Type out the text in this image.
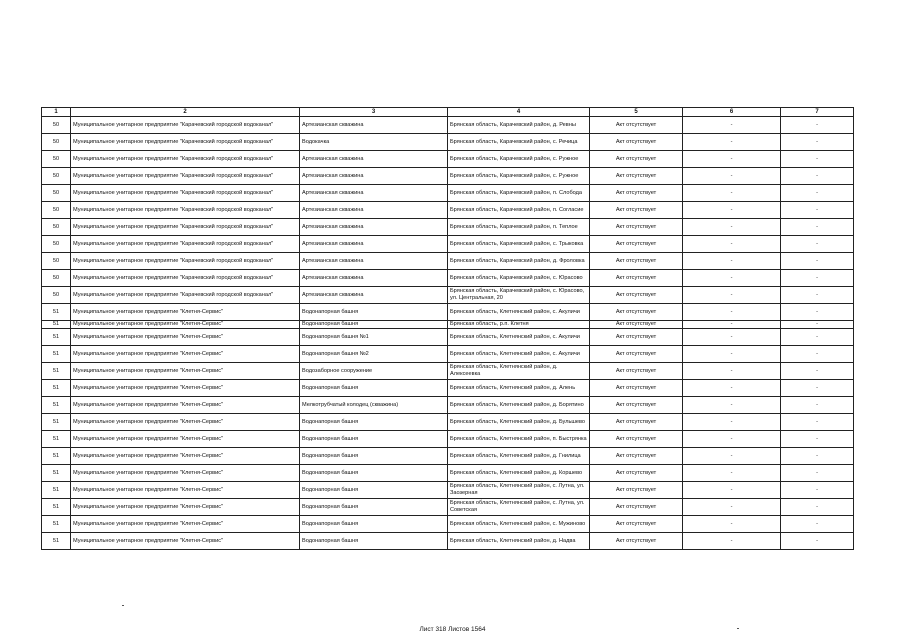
1	2	3	4	5	6	7
50	Муниципальное унитарное предприятие "Карачевский городской водоканал"	Артезианская скважина	Брянская область, Карачевский район, д. Ревны	Акт отсутствует	-	-
50	Муниципальное унитарное предприятие "Карачевский городской водоканал"	Водокачка	Брянская область, Карачевский район, с. Речица	Акт отсутствует	-	-
50	Муниципальное унитарное предприятие "Карачевский городской водоканал"	Артезианская скважина	Брянская область, Карачевский район, с. Ружное	Акт отсутствует	-	-
50	Муниципальное унитарное предприятие "Карачевский городской водоканал"	Артезианская скважина	Брянская область, Карачевский район, с. Ружное	Акт отсутствует	-	-
50	Муниципальное унитарное предприятие "Карачевский городской водоканал"	Артезианская скважина	Брянская область, Карачевский район, п. Слобода	Акт отсутствует	-	-
50	Муниципальное унитарное предприятие "Карачевский городской водоканал"	Артезианская скважина	Брянская область, Карачевский район, п. Согласие	Акт отсутствует	-	-
50	Муниципальное унитарное предприятие "Карачевский городской водоканал"	Артезианская скважина	Брянская область, Карачевский район, п. Теплое	Акт отсутствует	-	-
50	Муниципальное унитарное предприятие "Карачевский городской водоканал"	Артезианская скважина	Брянская область, Карачевский район, с. Трыковка	Акт отсутствует	-	-
50	Муниципальное унитарное предприятие "Карачевский городской водоканал"	Артезианская скважина	Брянская область, Карачевский район, д. Фроловка	Акт отсутствует	-	-
50	Муниципальное унитарное предприятие "Карачевский городской водоканал"	Артезианская скважина	Брянская область, Карачевский район, с. Юрасово	Акт отсутствует	-	-
50	Муниципальное унитарное предприятие "Карачевский городской водоканал"	Артезианская скважина	Брянская область, Карачевский район, с. Юрасово, ул. Центральная, 20	Акт отсутствует	-	-
51	Муниципальное унитарное предприятие "Клетня-Сервис"	Водонапорная башня	Брянская область, Клетнянский район, с. Акуличи	Акт отсутствует	-	-
51	Муниципальное унитарное предприятие "Клетня-Сервис"	Водонапорная башня	Брянская область, р.п. Клетня	Акт отсутствует	-	-
51	Муниципальное унитарное предприятие "Клетня-Сервис"	Водонапорная башня №1	Брянская область, Клетнянский район, с. Акуличи	Акт отсутствует	-	-
51	Муниципальное унитарное предприятие "Клетня-Сервис"	Водонапорная башня №2	Брянская область, Клетнянский район, с. Акуличи	Акт отсутствует	-	-
51	Муниципальное унитарное предприятие "Клетня-Сервис"	Водозаборное сооружение	Брянская область, Клетнянский район, д. Алексеевка	Акт отсутствует	-	-
51	Муниципальное унитарное предприятие "Клетня-Сервис"	Водонапорная башня	Брянская область, Клетнянский район, д. Алень	Акт отсутствует	-	-
51	Муниципальное унитарное предприятие "Клетня-Сервис"	Мелкотрубчатый колодец (скважина)	Брянская область, Клетнянский район, д. Борятино	Акт отсутствует	-	-
51	Муниципальное унитарное предприятие "Клетня-Сервис"	Водонапорная башня	Брянская область, Клетнянский район, д. Бульшево	Акт отсутствует	-	-
51	Муниципальное унитарное предприятие "Клетня-Сервис"	Водонапорная башня	Брянская область, Клетнянский район, п. Быстрянка	Акт отсутствует	-	-
51	Муниципальное унитарное предприятие "Клетня-Сервис"	Водонапорная башня	Брянская область, Клетнянский район, д. Гнилица	Акт отсутствует	-	-
51	Муниципальное унитарное предприятие "Клетня-Сервис"	Водонапорная башня	Брянская область, Клетнянский район, д. Коршево	Акт отсутствует	-	-
51	Муниципальное унитарное предприятие "Клетня-Сервис"	Водонапорная башня	Брянская область, Клетнянский район, с. Лутна, ул. Заозерная	Акт отсутствует	-	-
51	Муниципальное унитарное предприятие "Клетня-Сервис"	Водонапорная башня	Брянская область, Клетнянский район, с. Лутна, ул. Советская	Акт отсутствует	-	-
51	Муниципальное унитарное предприятие "Клетня-Сервис"	Водонапорная башня	Брянская область, Клетнянский район, с. Мужиново	Акт отсутствует	-	-
51	Муниципальное унитарное предприятие "Клетня-Сервис"	Водонапорная башня	Брянская область, Клетнянский район, д. Надва	Акт отсутствует	-	-
Лист 318 Листов 1564
